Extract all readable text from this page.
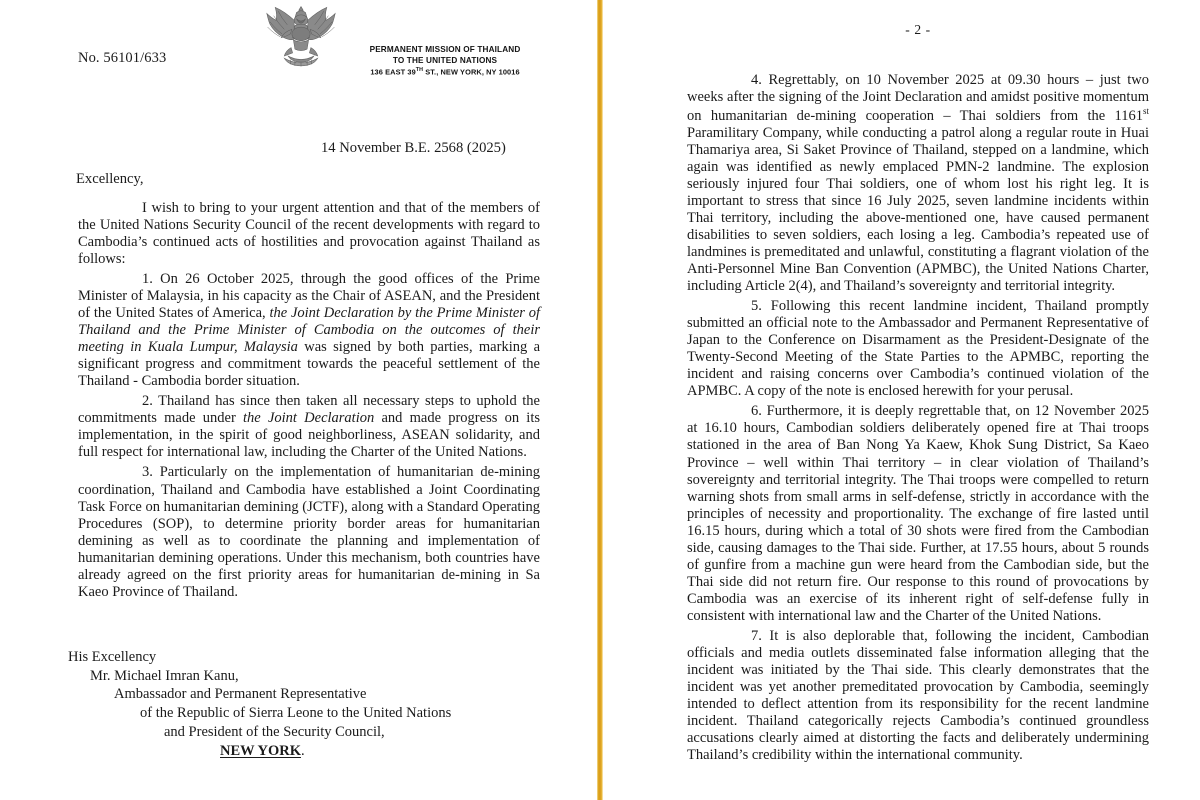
No. 56101/633
PERMANENT MISSION OF THAILAND
TO THE UNITED NATIONS
136 EAST 39TH ST., NEW YORK, NY 10016
14 November B.E. 2568 (2025)
Excellency,

I wish to bring to your urgent attention and that of the members of the United Nations Security Council of the recent developments with regard to Cambodia’s continued acts of hostilities and provocation against Thailand as follows:

1. On 26 October 2025, through the good offices of the Prime Minister of Malaysia, in his capacity as the Chair of ASEAN, and the President of the United States of America, the Joint Declaration by the Prime Minister of Thailand and the Prime Minister of Cambodia on the outcomes of their meeting in Kuala Lumpur, Malaysia was signed by both parties, marking a significant progress and commitment towards the peaceful settlement of the Thailand - Cambodia border situation.

2. Thailand has since then taken all necessary steps to uphold the commitments made under the Joint Declaration and made progress on its implementation, in the spirit of good neighborliness, ASEAN solidarity, and full respect for international law, including the Charter of the United Nations.

3. Particularly on the implementation of humanitarian de-mining coordination, Thailand and Cambodia have established a Joint Coordinating Task Force on humanitarian demining (JCTF), along with a Standard Operating Procedures (SOP), to determine priority border areas for humanitarian demining as well as to coordinate the planning and implementation of humanitarian demining operations. Under this mechanism, both countries have already agreed on the first priority areas for humanitarian de-mining in Sa Kaeo Province of Thailand.

His Excellency
Mr. Michael Imran Kanu,
Ambassador and Permanent Representative
of the Republic of Sierra Leone to the United Nations
and President of the Security Council,
NEW YORK.
- 2 -

4. Regrettably, on 10 November 2025 at 09.30 hours – just two weeks after the signing of the Joint Declaration and amidst positive momentum on humanitarian de-mining cooperation – Thai soldiers from the 1161st Paramilitary Company, while conducting a patrol along a regular route in Huai Thamariya area, Si Saket Province of Thailand, stepped on a landmine, which again was identified as newly emplaced PMN-2 landmine. The explosion seriously injured four Thai soldiers, one of whom lost his right leg. It is important to stress that since 16 July 2025, seven landmine incidents within Thai territory, including the above-mentioned one, have caused permanent disabilities to seven soldiers, each losing a leg. Cambodia’s repeated use of landmines is premeditated and unlawful, constituting a flagrant violation of the Anti-Personnel Mine Ban Convention (APMBC), the United Nations Charter, including Article 2(4), and Thailand’s sovereignty and territorial integrity.

5. Following this recent landmine incident, Thailand promptly submitted an official note to the Ambassador and Permanent Representative of Japan to the Conference on Disarmament as the President-Designate of the Twenty-Second Meeting of the State Parties to the APMBC, reporting the incident and raising concerns over Cambodia’s continued violation of the APMBC. A copy of the note is enclosed herewith for your perusal.

6. Furthermore, it is deeply regrettable that, on 12 November 2025 at 16.10 hours, Cambodian soldiers deliberately opened fire at Thai troops stationed in the area of Ban Nong Ya Kaew, Khok Sung District, Sa Kaeo Province – well within Thai territory – in clear violation of Thailand’s sovereignty and territorial integrity. The Thai troops were compelled to return warning shots from small arms in self-defense, strictly in accordance with the principles of necessity and proportionality. The exchange of fire lasted until 16.15 hours, during which a total of 30 shots were fired from the Cambodian side, causing damages to the Thai side. Further, at 17.55 hours, about 5 rounds of gunfire from a machine gun were heard from the Cambodian side, but the Thai side did not return fire. Our response to this round of provocations by Cambodia was an exercise of its inherent right of self-defense fully in consistent with international law and the Charter of the United Nations.

7. It is also deplorable that, following the incident, Cambodian officials and media outlets disseminated false information alleging that the incident was initiated by the Thai side. This clearly demonstrates that the incident was yet another premeditated provocation by Cambodia, seemingly intended to deflect attention from its responsibility for the recent landmine incident. Thailand categorically rejects Cambodia’s continued groundless accusations clearly aimed at distorting the facts and deliberately undermining Thailand’s credibility within the international community.
